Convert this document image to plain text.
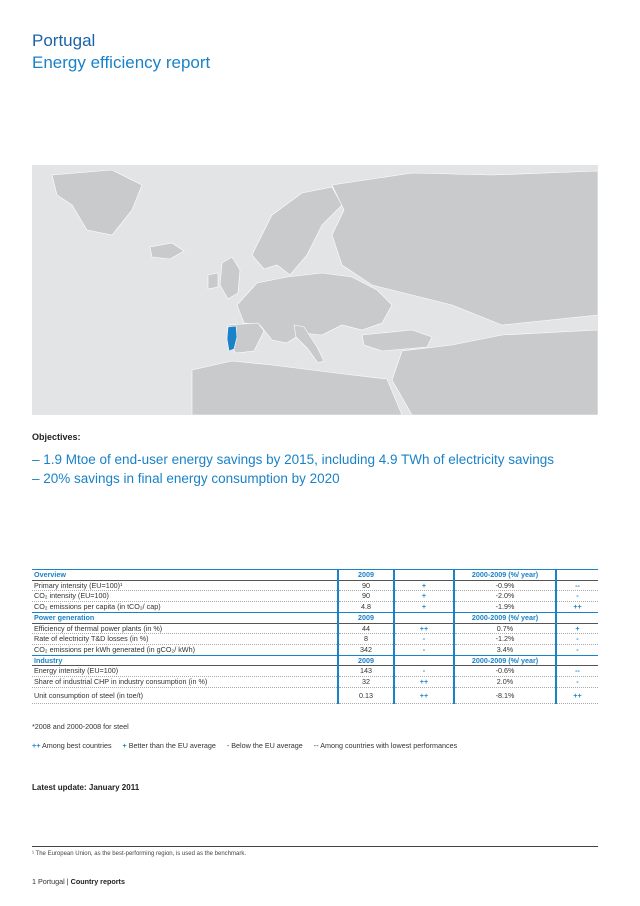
Portugal
Energy efficiency report
Objectives:
– 1.9 Mtoe of end-user energy savings by 2015, including 4.9 TWh of electricity savings
– 20% savings in final energy consumption by 2020
Overview	2009		2000-2009 (%/ year)	
Primary intensity (EU=100)¹	90	+	-0.9%	--
CO₂ intensity (EU=100)	90	+	-2.0%	-
CO₂ emissions per capita (in tCO₂/ cap)	4.8	+	-1.9%	++
Power generation	2009		2000-2009 (%/ year)	
Efficiency of thermal power plants (in %)	44	++	0.7%	+
Rate of electricity T&D losses (in %)	8	-	-1.2%	-
CO₂ emissions per kWh generated (in gCO₂/ kWh)	342	-	3.4%	-
Industry	2009		2000-2009 (%/ year)	
Energy intensity (EU=100)	143	-	-0.6%	--
Share of industrial CHP in industry consumption (in %)	32	++	2.0%	-
Unit consumption of steel (in toe/t)	0.13	++	-8.1%	++
*2008 and 2000-2008 for steel
++ Among best countries + Better than the EU average - Below the EU average -- Among countries with lowest performances
Latest update: January 2011
¹ The European Union, as the best-performing region, is used as the benchmark.
1 Portugal | Country reports
